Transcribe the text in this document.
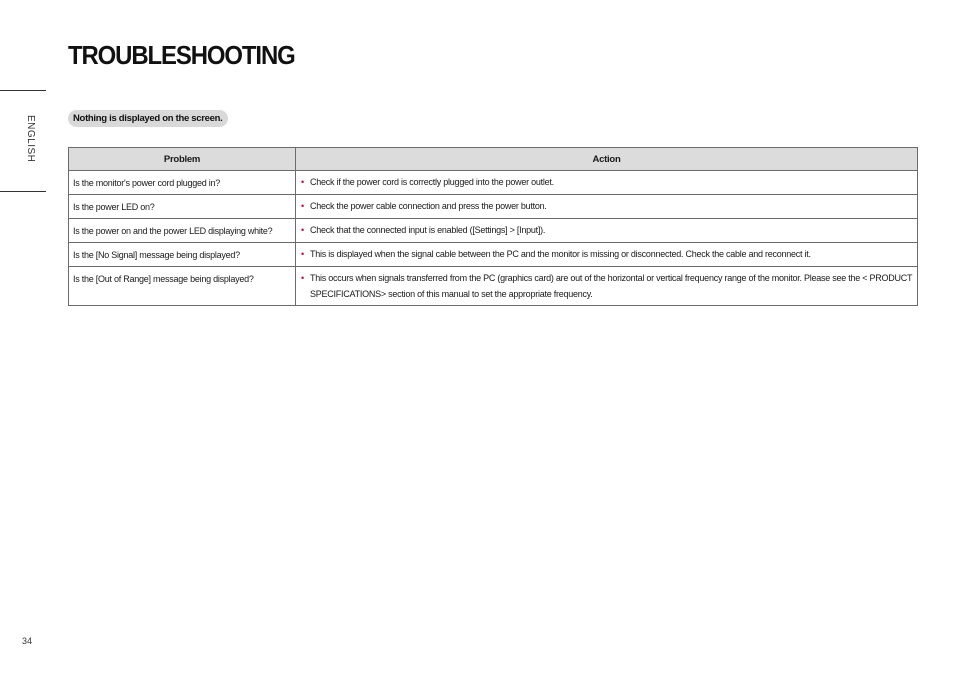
TROUBLESHOOTING
ENGLISH	Nothing is displayed on the screen.
Problem	Action
Is the monitor's power cord plugged in?	• Check if the power cord is correctly plugged into the power outlet.

Is the power LED on?	• Check the power cable connection and press the power button.

Is the power on and the power LED displaying white?	• Check that the connected input is enabled ([Settings] > [Input]).

Is the [No Signal] message being displayed?	• This is displayed when the signal cable between the PC and the monitor is missing or disconnected. Check the cable and reconnect it.

Is the [Out of Range] message being displayed?	• This occurs when signals transferred from the PC (graphics card) are out of the horizontal or vertical frequency range of the monitor. Please see the < PRODUCT SPECIFICATIONS> section of this manual to set the appropriate frequency.
34
